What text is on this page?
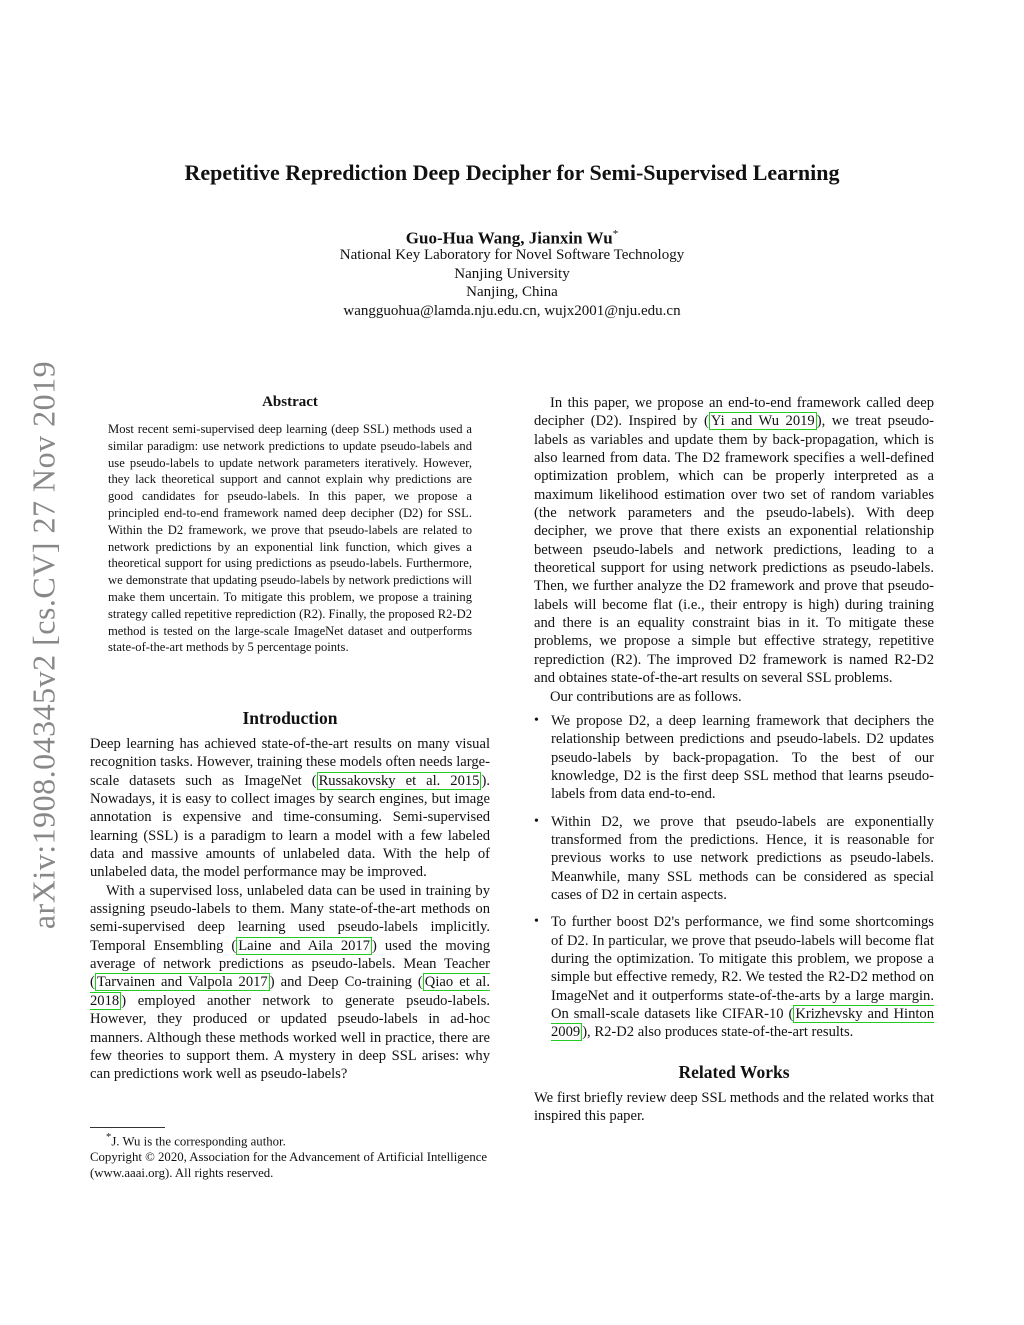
arXiv:1908.04345v2 [cs.CV] 27 Nov 2019
Repetitive Reprediction Deep Decipher for Semi-Supervised Learning
Guo-Hua Wang, Jianxin Wu*
National Key Laboratory for Novel Software Technology
Nanjing University
Nanjing, China
wangguohua@lamda.nju.edu.cn, wujx2001@nju.edu.cn
Abstract
Most recent semi-supervised deep learning (deep SSL) methods used a similar paradigm: use network predictions to update pseudo-labels and use pseudo-labels to update network parameters iteratively. However, they lack theoretical support and cannot explain why predictions are good candidates for pseudo-labels. In this paper, we propose a principled end-to-end framework named deep decipher (D2) for SSL. Within the D2 framework, we prove that pseudo-labels are related to network predictions by an exponential link function, which gives a theoretical support for using predictions as pseudo-labels. Furthermore, we demonstrate that updating pseudo-labels by network predictions will make them uncertain. To mitigate this problem, we propose a training strategy called repetitive reprediction (R2). Finally, the proposed R2-D2 method is tested on the large-scale ImageNet dataset and outperforms state-of-the-art methods by 5 percentage points.
Introduction

Deep learning has achieved state-of-the-art results on many visual recognition tasks. However, training these models often needs large-scale datasets such as ImageNet ( Russakovsky et al. 2015 ). Nowadays, it is easy to collect images by search engines, but image annotation is expensive and time-consuming. Semi-supervised learning (SSL) is a paradigm to learn a model with a few labeled data and massive amounts of unlabeled data. With the help of unlabeled data, the model performance may be improved.

With a supervised loss, unlabeled data can be used in training by assigning pseudo-labels to them. Many state-of-the-art methods on semi-supervised deep learning used pseudo-labels implicitly. Temporal Ensembling ( Laine and Aila 2017 ) used the moving average of network predictions as pseudo-labels. Mean Teacher ( Tarvainen and Valpola 2017 ) and Deep Co-training ( Qiao et al. 2018 ) employed another network to generate pseudo-labels. However, they produced or updated pseudo-labels in ad-hoc manners. Although these methods worked well in practice, there are few theories to support them. A mystery in deep SSL arises: why can predictions work well as pseudo-labels?

*J. Wu is the corresponding author.
Copyright © 2020, Association for the Advancement of Artificial Intelligence (www.aaai.org). All rights reserved.

In this paper, we propose an end-to-end framework called deep decipher (D2). Inspired by ( Yi and Wu 2019 ), we treat pseudo-labels as variables and update them by back-propagation, which is also learned from data. The D2 framework specifies a well-defined optimization problem, which can be properly interpreted as a maximum likelihood estimation over two set of random variables (the network parameters and the pseudo-labels). With deep decipher, we prove that there exists an exponential relationship between pseudo-labels and network predictions, leading to a theoretical support for using network predictions as pseudo-labels. Then, we further analyze the D2 framework and prove that pseudo-labels will become flat (i.e., their entropy is high) during training and there is an equality constraint bias in it. To mitigate these problems, we propose a simple but effective strategy, repetitive reprediction (R2). The improved D2 framework is named R2-D2 and obtaines state-of-the-art results on several SSL problems.

Our contributions are as follows.

• We propose D2, a deep learning framework that deciphers the relationship between predictions and pseudo-labels. D2 updates pseudo-labels by back-propagation. To the best of our knowledge, D2 is the first deep SSL method that learns pseudo-labels from data end-to-end.
• Within D2, we prove that pseudo-labels are exponentially transformed from the predictions. Hence, it is reasonable for previous works to use network predictions as pseudo-labels. Meanwhile, many SSL methods can be considered as special cases of D2 in certain aspects.
• To further boost D2's performance, we find some shortcomings of D2. In particular, we prove that pseudo-labels will become flat during the optimization. To mitigate this problem, we propose a simple but effective remedy, R2. We tested the R2-D2 method on ImageNet and it outperforms state-of-the-arts by a large margin. On small-scale datasets like CIFAR-10 ( Krizhevsky and Hinton 2009 ), R2-D2 also produces state-of-the-art results.
Related Works

We first briefly review deep SSL methods and the related works that inspired this paper.
